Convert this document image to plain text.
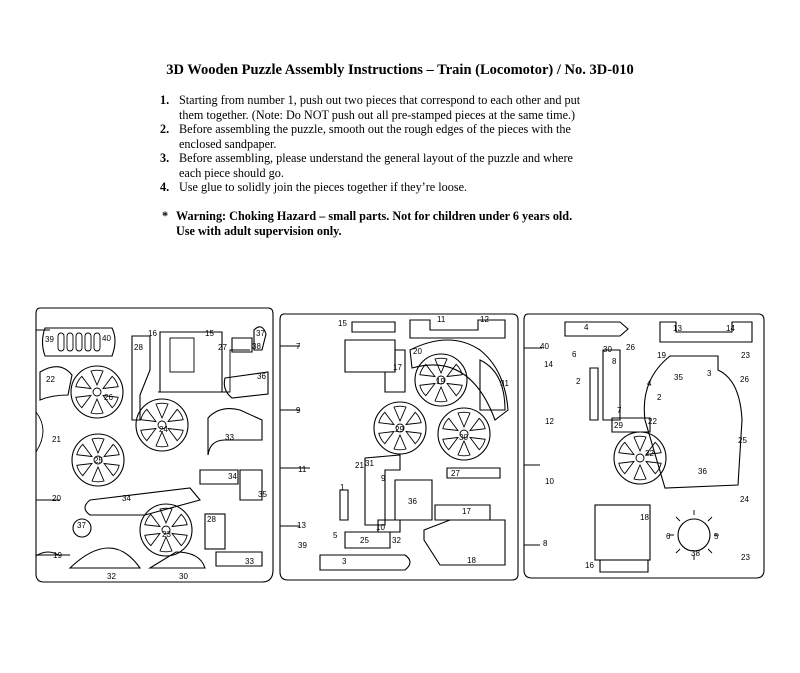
3D Wooden Puzzle Assembly Instructions – Train (Locomotor) / No. 3D-010
1. Starting from number 1, push out two pieces that correspond to each other and put
them together. (Note: Do NOT push out all pre-stamped pieces at the same time.)
2. Before assembling the puzzle, smooth out the rough edges of the pieces with the
enclosed sandpaper.
3. Before assembling, please understand the general layout of the puzzle and where
each piece should go.
4. Use glue to solidly join the pieces together if they’re loose.
* Warning: Choking Hazard – small parts. Not for children under 6 years old.
Use with adult supervision only.
39	40
16	15
28	27	38
22
26
37
36
24
21
25
33
34
20	35
34
37
28
23
19
33
32	30
15	11	12
7
20
17
19	31
9
29
30
21 31
27
11
9
36
1
17
13
5
10
25	32
39
3	18
4	13	14
40	30 26
6
8
19	23
14
35	3
2	4
2
26
12
7
29	22
25
22
10
36
24
18
8
6	5
38
16
23
